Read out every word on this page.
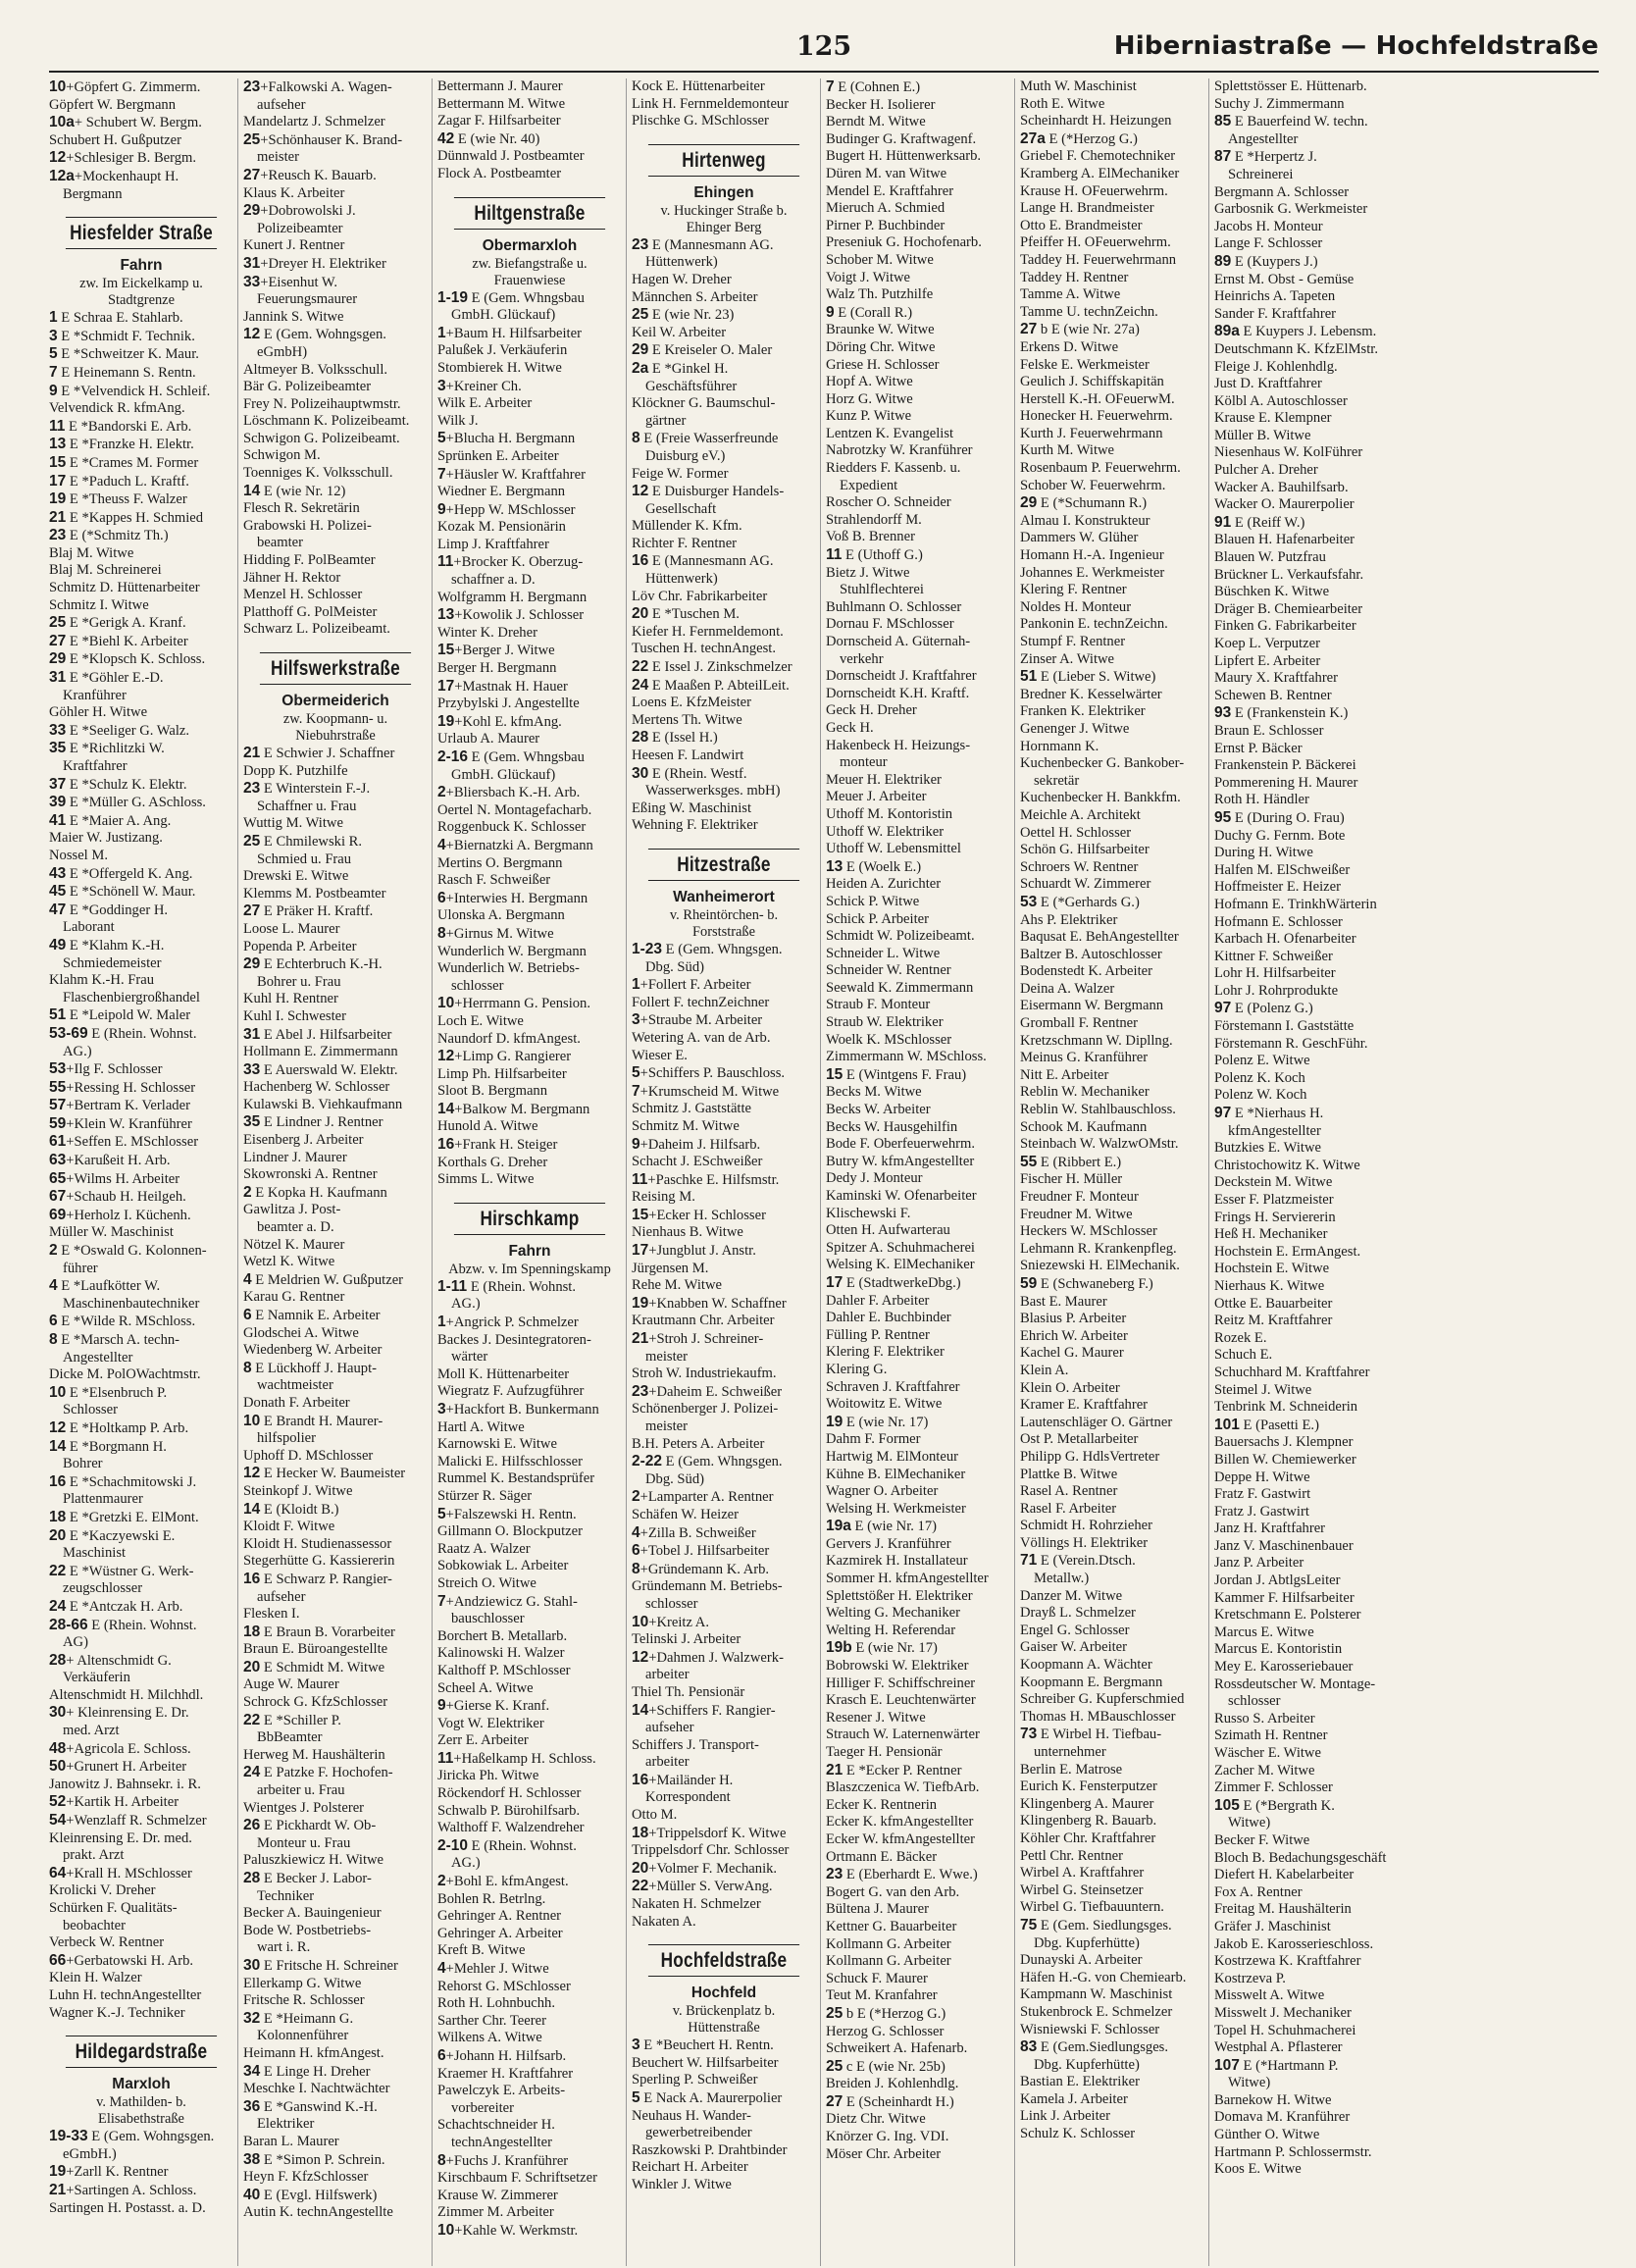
125	Hiberniastraße — Hochfeldstraße
10+Göpfert G. Zimmerm.
Göpfert W. Bergmann
10a+ Schubert W. Bergm.
Schubert H. Gußputzer
12+Schlesiger B. Bergm.
12a+Mockenhaupt H.
Bergmann
Hiesfelder Straße
Fahrn
zw. Im Eickelkamp u.
Stadtgrenze
1 E Schraa E. Stahlarb.
3 E *Schmidt F. Technik.
5 E *Schweitzer K. Maur.
7 E Heinemann S. Rentn.
9 E *Velvendick H. Schleif.
Velvendick R. kfmAng.
11 E *Bandorski E. Arb.
13 E *Franzke H. Elektr.
15 E *Crames M. Former
17 E *Paduch L. Kraftf.
19 E *Theuss F. Walzer
21 E *Kappes H. Schmied
23 E (*Schmitz Th.)
Blaj M. Witwe
Blaj M. Schreinerei
Schmitz D. Hüttenarbeiter
Schmitz I. Witwe
25 E *Gerigk A. Kranf.
27 E *Biehl K. Arbeiter
29 E *Klopsch K. Schloss.
31 E *Göhler E.-D.
Kranführer
Göhler H. Witwe
33 E *Seeliger G. Walz.
35 E *Richlitzki W.
Kraftfahrer
37 E *Schulz K. Elektr.
39 E *Müller G. ASchloss.
41 E *Maier A. Ang.
Maier W. Justizang.
Nossel M.
43 E *Offergeld K. Ang.
45 E *Schönell W. Maur.
47 E *Goddinger H.
Laborant
49 E *Klahm K.-H.
Schmiedemeister
Klahm K.-H. Frau
Flaschenbiergroßhandel
51 E *Leipold W. Maler
53-69 E (Rhein. Wohnst.
AG.)
53+Ilg F. Schlosser
55+Ressing H. Schlosser
57+Bertram K. Verlader
59+Klein W. Kranführer
61+Seffen E. MSchlosser
63+Karußeit H. Arb.
65+Wilms H. Arbeiter
67+Schaub H. Heilgeh.
69+Herholz I. Küchenh.
Müller W. Maschinist
2 E *Oswald G. Kolonnen-
führer
4 E *Laufkötter W.
Maschinenbautechniker
6 E *Wilde R. MSchloss.
8 E *Marsch A. techn-
Angestellter
Dicke M. PolOWachtmstr.
10 E *Elsenbruch P.
Schlosser
12 E *Holtkamp P. Arb.
14 E *Borgmann H.
Bohrer
16 E *Schachmitowski J.
Plattenmaurer
18 E *Gretzki E. ElMont.
20 E *Kaczyewski E.
Maschinist
22 E *Wüstner G. Werk-
zeugschlosser
24 E *Antczak H. Arb.
28-66 E (Rhein. Wohnst.
AG)
28+ Altenschmidt G.
Verkäuferin
Altenschmidt H. Milchhdl.
30+ Kleinrensing E. Dr.
med. Arzt
48+Agricola E. Schloss.
50+Grunert H. Arbeiter
Janowitz J. Bahnsekr. i. R.
52+Kartik H. Arbeiter
54+Wenzlaff R. Schmelzer
Kleinrensing E. Dr. med.
prakt. Arzt
64+Krall H. MSchlosser
Krolicki V. Dreher
Schürken F. Qualitäts-
beobachter
Verbeck W. Rentner
66+Gerbatowski H. Arb.
Klein H. Walzer
Luhn H. technAngestellter
Wagner K.-J. Techniker
Hildegardstraße
Marxloh
v. Mathilden- b.
Elisabethstraße
19-33 E (Gem. Wohngsgen.
eGmbH.)
19+Zarll K. Rentner
21+Sartingen A. Schloss.
Sartingen H. Postasst. a. D.
23+Falkowski A. Wagen-
aufseher
Mandelartz J. Schmelzer
25+Schönhauser K. Brand-
meister
27+Reusch K. Bauarb.
Klaus K. Arbeiter
29+Dobrowolski J.
Polizeibeamter
Kunert J. Rentner
31+Dreyer H. Elektriker
33+Eisenhut W.
Feuerungsmaurer
Jannink S. Witwe
12 E (Gem. Wohngsgen.
eGmbH)
Altmeyer B. Volksschull.
Bär G. Polizeibeamter
Frey N. Polizeihauptwmstr.
Löschmann K. Polizeibeamt.
Schwigon G. Polizeibeamt.
Schwigon M.
Toenniges K. Volksschull.
14 E (wie Nr. 12)
Flesch R. Sekretärin
Grabowski H. Polizei-
beamter
Hidding F. PolBeamter
Jähner H. Rektor
Menzel H. Schlosser
Platthoff G. PolMeister
Schwarz L. Polizeibeamt.
Hilfswerkstraße
Obermeiderich
zw. Koopmann- u.
Niebuhrstraße
21 E Schwier J. Schaffner
Dopp K. Putzhilfe
23 E Winterstein F.-J.
Schaffner u. Frau
Wuttig M. Witwe
25 E Chmilewski R.
Schmied u. Frau
Drewski E. Witwe
Klemms M. Postbeamter
27 E Präker H. Kraftf.
Loose L. Maurer
Popenda P. Arbeiter
29 E Echterbruch K.-H.
Bohrer u. Frau
Kuhl H. Rentner
Kuhl I. Schwester
31 E Abel J. Hilfsarbeiter
Hollmann E. Zimmermann
33 E Auerswald W. Elektr.
Hachenberg W. Schlosser
Kulawski B. Viehkaufmann
35 E Lindner J. Rentner
Eisenberg J. Arbeiter
Lindner J. Maurer
Skowronski A. Rentner
2 E Kopka H. Kaufmann
Gawlitza J. Post-
beamter a. D.
Nötzel K. Maurer
Wetzl K. Witwe
4 E Meldrien W. Gußputzer
Karau G. Rentner
6 E Namnik E. Arbeiter
Glodschei A. Witwe
Wiedenberg W. Arbeiter
8 E Lückhoff J. Haupt-
wachtmeister
Donath F. Arbeiter
10 E Brandt H. Maurer-
hilfspolier
Uphoff D. MSchlosser
12 E Hecker W. Baumeister
Steinkopf J. Witwe
14 E (Kloidt B.)
Kloidt F. Witwe
Kloidt H. Studienassessor
Stegerhütte G. Kassiererin
16 E Schwarz P. Rangier-
aufseher
Flesken I.
18 E Braun B. Vorarbeiter
Braun E. Büroangestellte
20 E Schmidt M. Witwe
Auge W. Maurer
Schrock G. KfzSchlosser
22 E *Schiller P.
BbBeamter
Herweg M. Haushälterin
24 E Patzke F. Hochofen-
arbeiter u. Frau
Wientges J. Polsterer
26 E Pickhardt W. Ob-
Monteur u. Frau
Paluszkiewicz H. Witwe
28 E Becker J. Labor-
Techniker
Becker A. Bauingenieur
Bode W. Postbetriebs-
wart i. R.
30 E Fritsche H. Schreiner
Ellerkamp G. Witwe
Fritsche R. Schlosser
32 E *Heimann G.
Kolonnenführer
Heimann H. kfmAngest.
34 E Linge H. Dreher
Meschke I. Nachtwächter
36 E *Ganswind K.-H.
Elektriker
Baran L. Maurer
38 E *Simon P. Schrein.
Heyn F. KfzSchlosser
40 E (Evgl. Hilfswerk)
Autin K. technAngestellte
Bettermann J. Maurer
Bettermann M. Witwe
Zagar F. Hilfsarbeiter
42 E (wie Nr. 40)
Dünnwald J. Postbeamter
Flock A. Postbeamter
Hiltgenstraße
Obermarxloh
zw. Biefangstraße u.
Frauenwiese
1-19 E (Gem. Whngsbau
GmbH. Glückauf)
1+Baum H. Hilfsarbeiter
Palußek J. Verkäuferin
Stombierek H. Witwe
3+Kreiner Ch.
Wilk E. Arbeiter
Wilk J.
5+Blucha H. Bergmann
Sprünken E. Arbeiter
7+Häusler W. Kraftfahrer
Wiedner E. Bergmann
9+Hepp W. MSchlosser
Kozak M. Pensionärin
Limp J. Kraftfahrer
11+Brocker K. Oberzug-
schaffner a. D.
Wolfgramm H. Bergmann
13+Kowolik J. Schlosser
Winter K. Dreher
15+Berger J. Witwe
Berger H. Bergmann
17+Mastnak H. Hauer
Przybylski J. Angestellte
19+Kohl E. kfmAng.
Urlaub A. Maurer
2-16 E (Gem. Whngsbau
GmbH. Glückauf)
2+Bliersbach K.-H. Arb.
Oertel N. Montagefacharb.
Roggenbuck K. Schlosser
4+Biernatzki A. Bergmann
Mertins O. Bergmann
Rasch F. Schweißer
6+Interwies H. Bergmann
Ulonska A. Bergmann
8+Girnus M. Witwe
Wunderlich W. Bergmann
Wunderlich W. Betriebs-
schlosser
10+Herrmann G. Pension.
Loch E. Witwe
Naundorf D. kfmAngest.
12+Limp G. Rangierer
Limp Ph. Hilfsarbeiter
Sloot B. Bergmann
14+Balkow M. Bergmann
Hunold A. Witwe
16+Frank H. Steiger
Korthals G. Dreher
Simms L. Witwe
Hirschkamp
Fahrn
Abzw. v. Im Spenningskamp
1-11 E (Rhein. Wohnst.
AG.)
1+Angrick P. Schmelzer
Backes J. Desintegratoren-
wärter
Moll K. Hüttenarbeiter
Wiegratz F. Aufzugführer
3+Hackfort B. Bunkermann
Hartl A. Witwe
Karnowski E. Witwe
Malicki E. Hilfsschlosser
Rummel K. Bestandsprüfer
Stürzer R. Säger
5+Falszewski H. Rentn.
Gillmann O. Blockputzer
Raatz A. Walzer
Sobkowiak L. Arbeiter
Streich O. Witwe
7+Andziewicz G. Stahl-
bauschlosser
Borchert B. Metallarb.
Kalinowski H. Walzer
Kalthoff P. MSchlosser
Scheel A. Witwe
9+Gierse K. Kranf.
Vogt W. Elektriker
Zerr E. Arbeiter
11+Haßelkamp H. Schloss.
Jiricka Ph. Witwe
Röckendorf H. Schlosser
Schwalb P. Bürohilfsarb.
Walthoff F. Walzendreher
2-10 E (Rhein. Wohnst.
AG.)
2+Bohl E. kfmAngest.
Bohlen R. Betrlng.
Gehringer A. Rentner
Gehringer A. Arbeiter
Kreft B. Witwe
4+Mehler J. Witwe
Rehorst G. MSchlosser
Roth H. Lohnbuchh.
Sarther Chr. Teerer
Wilkens A. Witwe
6+Johann H. Hilfsarb.
Kraemer H. Kraftfahrer
Pawelczyk E. Arbeits-
vorbereiter
Schachtschneider H.
technAngestellter
8+Fuchs J. Kranführer
Kirschbaum F. Schriftsetzer
Krause W. Zimmerer
Zimmer M. Arbeiter
10+Kahle W. Werkmstr.
Kock E. Hüttenarbeiter
Link H. Fernmeldemonteur
Plischke G. MSchlosser
Hirtenweg
Ehingen
v. Huckinger Straße b.
Ehinger Berg
23 E (Mannesmann AG.
Hüttenwerk)
Hagen W. Dreher
Männchen S. Arbeiter
25 E (wie Nr. 23)
Keil W. Arbeiter
29 E Kreiseler O. Maler
2a E *Ginkel H.
Geschäftsführer
Klöckner G. Baumschul-
gärtner
8 E (Freie Wasserfreunde
Duisburg eV.)
Feige W. Former
12 E Duisburger Handels-
Gesellschaft
Müllender K. Kfm.
Richter F. Rentner
16 E (Mannesmann AG.
Hüttenwerk)
Löv Chr. Fabrikarbeiter
20 E *Tuschen M.
Kiefer H. Fernmeldemont.
Tuschen H. technAngest.
22 E Issel J. Zinkschmelzer
24 E Maaßen P. AbteilLeit.
Loens E. KfzMeister
Mertens Th. Witwe
28 E (Issel H.)
Heesen F. Landwirt
30 E (Rhein. Westf.
Wasserwerksges. mbH)
Eßing W. Maschinist
Wehning F. Elektriker
Hitzestraße
Wanheimerort
v. Rheintörchen- b.
Forststraße
1-23 E (Gem. Whngsgen.
Dbg. Süd)
1+Follert F. Arbeiter
Follert F. technZeichner
3+Straube M. Arbeiter
Wetering A. van de Arb.
Wieser E.
5+Schiffers P. Bauschloss.
7+Krumscheid M. Witwe
Schmitz J. Gaststätte
Schmitz M. Witwe
9+Daheim J. Hilfsarb.
Schacht J. ESchweißer
11+Paschke E. Hilfsmstr.
Reising M.
15+Ecker H. Schlosser
Nienhaus B. Witwe
17+Jungblut J. Anstr.
Jürgensen M.
Rehe M. Witwe
19+Knabben W. Schaffner
Krautmann Chr. Arbeiter
21+Stroh J. Schreiner-
meister
Stroh W. Industriekaufm.
23+Daheim E. Schweißer
Schönenberger J. Polizei-
meister
B.H. Peters A. Arbeiter
2-22 E (Gem. Whngsgen.
Dbg. Süd)
2+Lamparter A. Rentner
Schäfen W. Heizer
4+Zilla B. Schweißer
6+Tobel J. Hilfsarbeiter
8+Gründemann K. Arb.
Gründemann M. Betriebs-
schlosser
10+Kreitz A.
Telinski J. Arbeiter
12+Dahmen J. Walzwerk-
arbeiter
Thiel Th. Pensionär
14+Schiffers F. Rangier-
aufseher
Schiffers J. Transport-
arbeiter
16+Mailänder H.
Korrespondent
Otto M.
18+Trippelsdorf K. Witwe
Trippelsdorf Chr. Schlosser
20+Volmer F. Mechanik.
22+Müller S. VerwAng.
Nakaten H. Schmelzer
Nakaten A.
Hochfeldstraße
Hochfeld
v. Brückenplatz b.
Hüttenstraße
3 E *Beuchert H. Rentn.
Beuchert W. Hilfsarbeiter
Sperling P. Schweißer
5 E Nack A. Maurerpolier
Neuhaus H. Wander-
gewerbetreibender
Raszkowski P. Drahtbinder
Reichart H. Arbeiter
Winkler J. Witwe
7 E (Cohnen E.)
Becker H. Isolierer
Berndt M. Witwe
Budinger G. Kraftwagenf.
Bugert H. Hüttenwerksarb.
Düren M. van Witwe
Mendel E. Kraftfahrer
Mieruch A. Schmied
Pirner P. Buchbinder
Preseniuk G. Hochofenarb.
Schober M. Witwe
Voigt J. Witwe
Walz Th. Putzhilfe
9 E (Corall R.)
Braunke W. Witwe
Döring Chr. Witwe
Griese H. Schlosser
Hopf A. Witwe
Horz G. Witwe
Kunz P. Witwe
Lentzen K. Evangelist
Nabrotzky W. Kranführer
Riedders F. Kassenb. u.
Expedient
Roscher O. Schneider
Strahlendorff M.
Voß B. Brenner
11 E (Uthoff G.)
Bietz J. Witwe
Stuhlflechterei
Buhlmann O. Schlosser
Dornau F. MSchlosser
Dornscheid A. Güternah-
verkehr
Dornscheidt J. Kraftfahrer
Dornscheidt K.H. Kraftf.
Geck H. Dreher
Geck H.
Hakenbeck H. Heizungs-
monteur
Meuer H. Elektriker
Meuer J. Arbeiter
Uthoff M. Kontoristin
Uthoff W. Elektriker
Uthoff W. Lebensmittel
13 E (Woelk E.)
Heiden A. Zurichter
Schick P. Witwe
Schick P. Arbeiter
Schmidt W. Polizeibeamt.
Schneider L. Witwe
Schneider W. Rentner
Seewald K. Zimmermann
Straub F. Monteur
Straub W. Elektriker
Woelk K. MSchlosser
Zimmermann W. MSchloss.
15 E (Wintgens F. Frau)
Becks M. Witwe
Becks W. Arbeiter
Becks W. Hausgehilfin
Bode F. Oberfeuerwehrm.
Butry W. kfmAngestellter
Dedy J. Monteur
Kaminski W. Ofenarbeiter
Klischewski F.
Otten H. Aufwarterau
Spitzer A. Schuhmacherei
Welsing K. ElMechaniker
17 E (StadtwerkeDbg.)
Dahler F. Arbeiter
Dahler E. Buchbinder
Fülling P. Rentner
Klering F. Elektriker
Klering G.
Schraven J. Kraftfahrer
Woitowitz E. Witwe
19 E (wie Nr. 17)
Dahm F. Former
Hartwig M. ElMonteur
Kühne B. ElMechaniker
Wagner O. Arbeiter
Welsing H. Werkmeister
19a E (wie Nr. 17)
Gervers J. Kranführer
Kazmirek H. Installateur
Sommer H. kfmAngestellter
Splettstößer H. Elektriker
Welting G. Mechaniker
Welting H. Referendar
19b E (wie Nr. 17)
Bobrowski W. Elektriker
Hilliger F. Schiffschreiner
Krasch E. Leuchtenwärter
Resener J. Witwe
Strauch W. Laternenwärter
Taeger H. Pensionär
21 E *Ecker P. Rentner
Blaszczenica W. TiefbArb.
Ecker K. Rentnerin
Ecker K. kfmAngestellter
Ecker W. kfmAngestellter
Ortmann E. Bäcker
23 E (Eberhardt E. Wwe.)
Bogert G. van den Arb.
Bültena J. Maurer
Kettner G. Bauarbeiter
Kollmann G. Arbeiter
Kollmann G. Arbeiter
Schuck F. Maurer
Teut M. Kranfahrer
25 b E (*Herzog G.)
Herzog G. Schlosser
Schweikert A. Hafenarb.
25 c E (wie Nr. 25b)
Breiden J. Kohlenhdlg.
27 E (Scheinhardt H.)
Dietz Chr. Witwe
Knörzer G. Ing. VDI.
Möser Chr. Arbeiter
Muth W. Maschinist
Roth E. Witwe
Scheinhardt H. Heizungen
27a E (*Herzog G.)
Griebel F. Chemotechniker
Kramberg A. ElMechaniker
Krause H. OFeuerwehrm.
Lange H. Brandmeister
Otto E. Brandmeister
Pfeiffer H. OFeuerwehrm.
Taddey H. Feuerwehrmann
Taddey H. Rentner
Tamme A. Witwe
Tamme U. technZeichn.
27 b E (wie Nr. 27a)
Erkens D. Witwe
Felske E. Werkmeister
Geulich J. Schiffskapitän
Herstell K.-H. OFeuerwM.
Honecker H. Feuerwehrm.
Kurth J. Feuerwehrmann
Kurth M. Witwe
Rosenbaum P. Feuerwehrm.
Schober W. Feuerwehrm.
29 E (*Schumann R.)
Almau I. Konstrukteur
Dammers W. Glüher
Homann H.-A. Ingenieur
Johannes E. Werkmeister
Klering F. Rentner
Noldes H. Monteur
Pankonin E. technZeichn.
Stumpf F. Rentner
Zinser A. Witwe
51 E (Lieber S. Witwe)
Bredner K. Kesselwärter
Franken K. Elektriker
Genenger J. Witwe
Hornmann K.
Kuchenbecker G. Bankober-
sekretär
Kuchenbecker H. Bankkfm.
Meichle A. Architekt
Oettel H. Schlosser
Schön G. Hilfsarbeiter
Schroers W. Rentner
Schuardt W. Zimmerer
53 E (*Gerhards G.)
Ahs P. Elektriker
Baqusat E. BehAngestellter
Baltzer B. Autoschlosser
Bodenstedt K. Arbeiter
Deina A. Walzer
Eisermann W. Bergmann
Gromball F. Rentner
Kretzschmann W. Dipllng.
Meinus G. Kranführer
Nitt E. Arbeiter
Reblin W. Mechaniker
Reblin W. Stahlbauschloss.
Schook M. Kaufmann
Steinbach W. WalzwOMstr.
55 E (Ribbert E.)
Fischer H. Müller
Freudner F. Monteur
Freudner M. Witwe
Heckers W. MSchlosser
Lehmann R. Krankenpfleg.
Sniezewski H. ElMechanik.
59 E (Schwaneberg F.)
Bast E. Maurer
Blasius P. Arbeiter
Ehrich W. Arbeiter
Kachel G. Maurer
Klein A.
Klein O. Arbeiter
Kramer E. Kraftfahrer
Lautenschläger O. Gärtner
Ost P. Metallarbeiter
Philipp G. HdlsVertreter
Plattke B. Witwe
Rasel A. Rentner
Rasel F. Arbeiter
Schmidt H. Rohrzieher
Völlings H. Elektriker
71 E (Verein.Dtsch.
Metallw.)
Danzer M. Witwe
Drayß L. Schmelzer
Engel G. Schlosser
Gaiser W. Arbeiter
Koopmann A. Wächter
Koopmann E. Bergmann
Schreiber G. Kupferschmied
Thomas H. MBauschlosser
73 E Wirbel H. Tiefbau-
unternehmer
Berlin E. Matrose
Eurich K. Fensterputzer
Klingenberg A. Maurer
Klingenberg R. Bauarb.
Köhler Chr. Kraftfahrer
Pettl Chr. Rentner
Wirbel A. Kraftfahrer
Wirbel G. Steinsetzer
Wirbel G. Tiefbauuntern.
75 E (Gem. Siedlungsges.
Dbg. Kupferhütte)
Dunayski A. Arbeiter
Häfen H.-G. von Chemiearb.
Kampmann W. Maschinist
Stukenbrock E. Schmelzer
Wisniewski F. Schlosser
83 E (Gem.Siedlungsges.
Dbg. Kupferhütte)
Bastian E. Elektriker
Kamela J. Arbeiter
Link J. Arbeiter
Schulz K. Schlosser
Splettstösser E. Hüttenarb.
Suchy J. Zimmermann
85 E Bauerfeind W. techn.
Angestellter
87 E *Herpertz J.
Schreinerei
Bergmann A. Schlosser
Garbosnik G. Werkmeister
Jacobs H. Monteur
Lange F. Schlosser
89 E (Kuypers J.)
Ernst M. Obst - Gemüse
Heinrichs A. Tapeten
Sander F. Kraftfahrer
89a E Kuypers J. Lebensm.
Deutschmann K. KfzElMstr.
Fleige J. Kohlenhdlg.
Just D. Kraftfahrer
Kölbl A. Autoschlosser
Krause E. Klempner
Müller B. Witwe
Niesenhaus W. KolFührer
Pulcher A. Dreher
Wacker A. Bauhilfsarb.
Wacker O. Maurerpolier
91 E (Reiff W.)
Blauen H. Hafenarbeiter
Blauen W. Putzfrau
Brückner L. Verkaufsfahr.
Büschken K. Witwe
Dräger B. Chemiearbeiter
Finken G. Fabrikarbeiter
Koep L. Verputzer
Lipfert E. Arbeiter
Maury X. Kraftfahrer
Schewen B. Rentner
93 E (Frankenstein K.)
Braun E. Schlosser
Ernst P. Bäcker
Frankenstein P. Bäckerei
Pommerening H. Maurer
Roth H. Händler
95 E (During O. Frau)
Duchy G. Fernm. Bote
During H. Witwe
Halfen M. ElSchweißer
Hoffmeister E. Heizer
Hofmann E. TrinkhWärterin
Hofmann E. Schlosser
Karbach H. Ofenarbeiter
Kittner F. Schweißer
Lohr H. Hilfsarbeiter
Lohr J. Rohrprodukte
97 E (Polenz G.)
Förstemann I. Gaststätte
Förstemann R. GeschFühr.
Polenz E. Witwe
Polenz K. Koch
Polenz W. Koch
97 E *Nierhaus H.
kfmAngestellter
Butzkies E. Witwe
Christochowitz K. Witwe
Deckstein M. Witwe
Esser F. Platzmeister
Frings H. Serviererin
Heß H. Mechaniker
Hochstein E. ErmAngest.
Hochstein E. Witwe
Nierhaus K. Witwe
Ottke E. Bauarbeiter
Reitz M. Kraftfahrer
Rozek E.
Schuch E.
Schuchhard M. Kraftfahrer
Steimel J. Witwe
Tenbrink M. Schneiderin
101 E (Pasetti E.)
Bauersachs J. Klempner
Billen W. Chemiewerker
Deppe H. Witwe
Fratz F. Gastwirt
Fratz J. Gastwirt
Janz H. Kraftfahrer
Janz V. Maschinenbauer
Janz P. Arbeiter
Jordan J. AbtlgsLeiter
Kammer F. Hilfsarbeiter
Kretschmann E. Polsterer
Marcus E. Witwe
Marcus E. Kontoristin
Mey E. Karosseriebauer
Rossdeutscher W. Montage-
schlosser
Russo S. Arbeiter
Szimath H. Rentner
Wäscher E. Witwe
Zacher M. Witwe
Zimmer F. Schlosser
105 E (*Bergrath K.
Witwe)
Becker F. Witwe
Bloch B. Bedachungsgeschäft
Diefert H. Kabelarbeiter
Fox A. Rentner
Freitag M. Haushälterin
Gräfer J. Maschinist
Jakob E. Karosserieschloss.
Kostrzewa K. Kraftfahrer
Kostrzeva P.
Misswelt A. Witwe
Misswelt J. Mechaniker
Topel H. Schuhmacherei
Westphal A. Pflasterer
107 E (*Hartmann P.
Witwe)
Barnekow H. Witwe
Domava M. Kranführer
Günther O. Witwe
Hartmann P. Schlossermstr.
Koos E. Witwe
